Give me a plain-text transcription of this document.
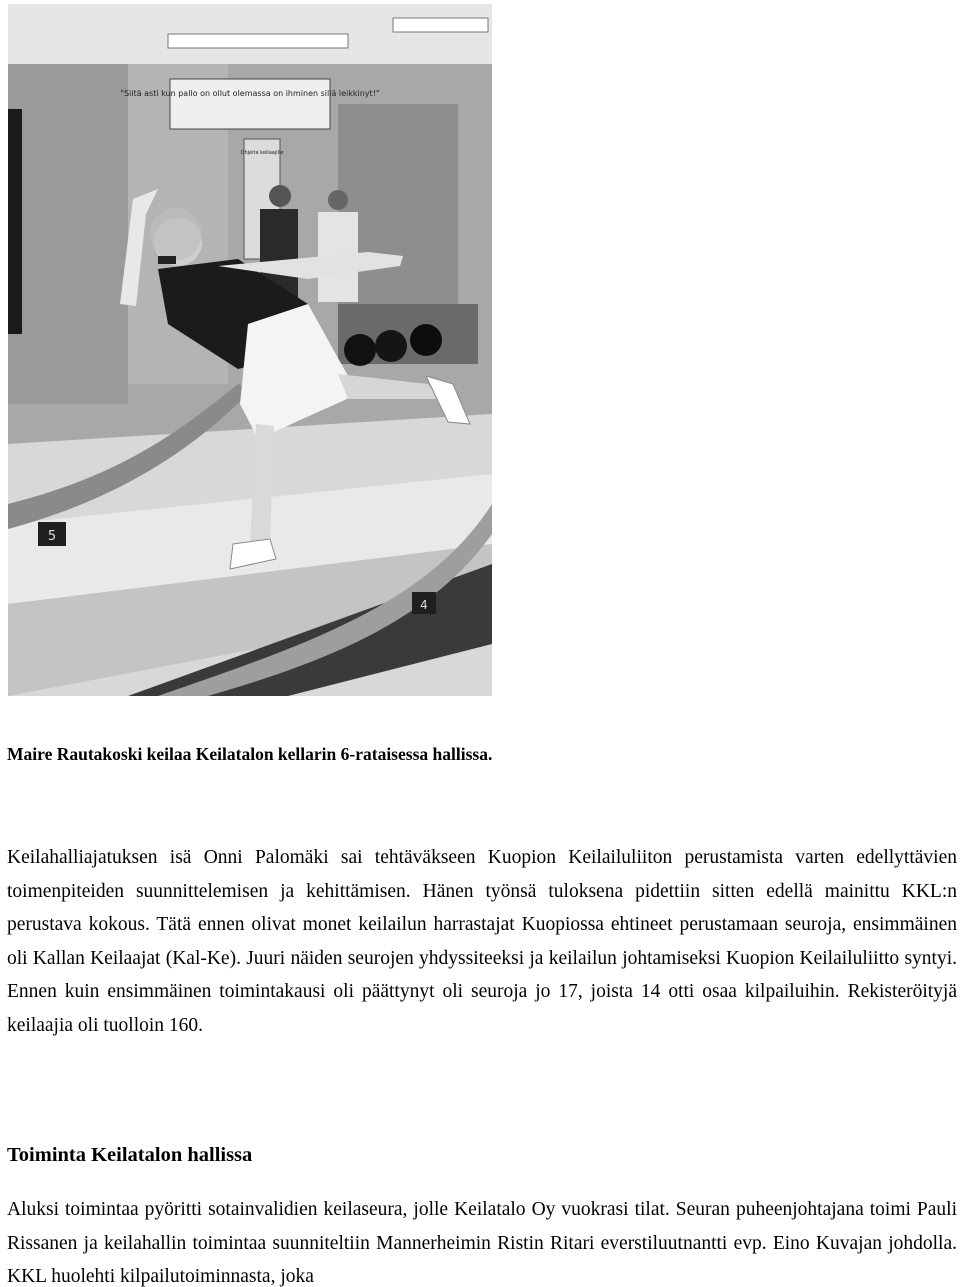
"Siitä asti kun pallo on ollut olemassa on ihminen sillä leikkinyt!"
Ohjeita keilaajille
5
4
Maire Rautakoski keilaa Keilatalon kellarin 6-rataisessa hallissa.

Keilahalliajatuksen isä Onni Palomäki sai tehtäväkseen Kuopion Keilailuliiton perustamista varten edellyttävien toimenpiteiden suunnittelemisen ja kehittämisen. Hänen työnsä tuloksena pidettiin sitten edellä mainittu KKL:n perustava kokous. Tätä ennen olivat monet keilailun harrastajat Kuopiossa ehtineet perustamaan seuroja, ensimmäinen oli Kallan Keilaajat (Kal-Ke). Juuri näiden seurojen yhdyssiteeksi ja keilailun johtamiseksi Kuopion Keilailuliitto syntyi. Ennen kuin ensimmäinen toimintakausi oli päättynyt oli seuroja jo 17, joista 14 otti osaa kilpailuihin. Rekisteröityjä keilaajia oli tuolloin 160.

Toiminta Keilatalon hallissa

Aluksi toimintaa pyöritti sotainvalidien keilaseura, jolle Keilatalo Oy vuokrasi tilat. Seuran puheenjohtajana toimi Pauli Rissanen ja keilahallin toimintaa suunniteltiin Mannerheimin Ristin Ritari everstiluutnantti evp. Eino Kuvajan johdolla. KKL huolehti kilpailutoiminnasta, joka
